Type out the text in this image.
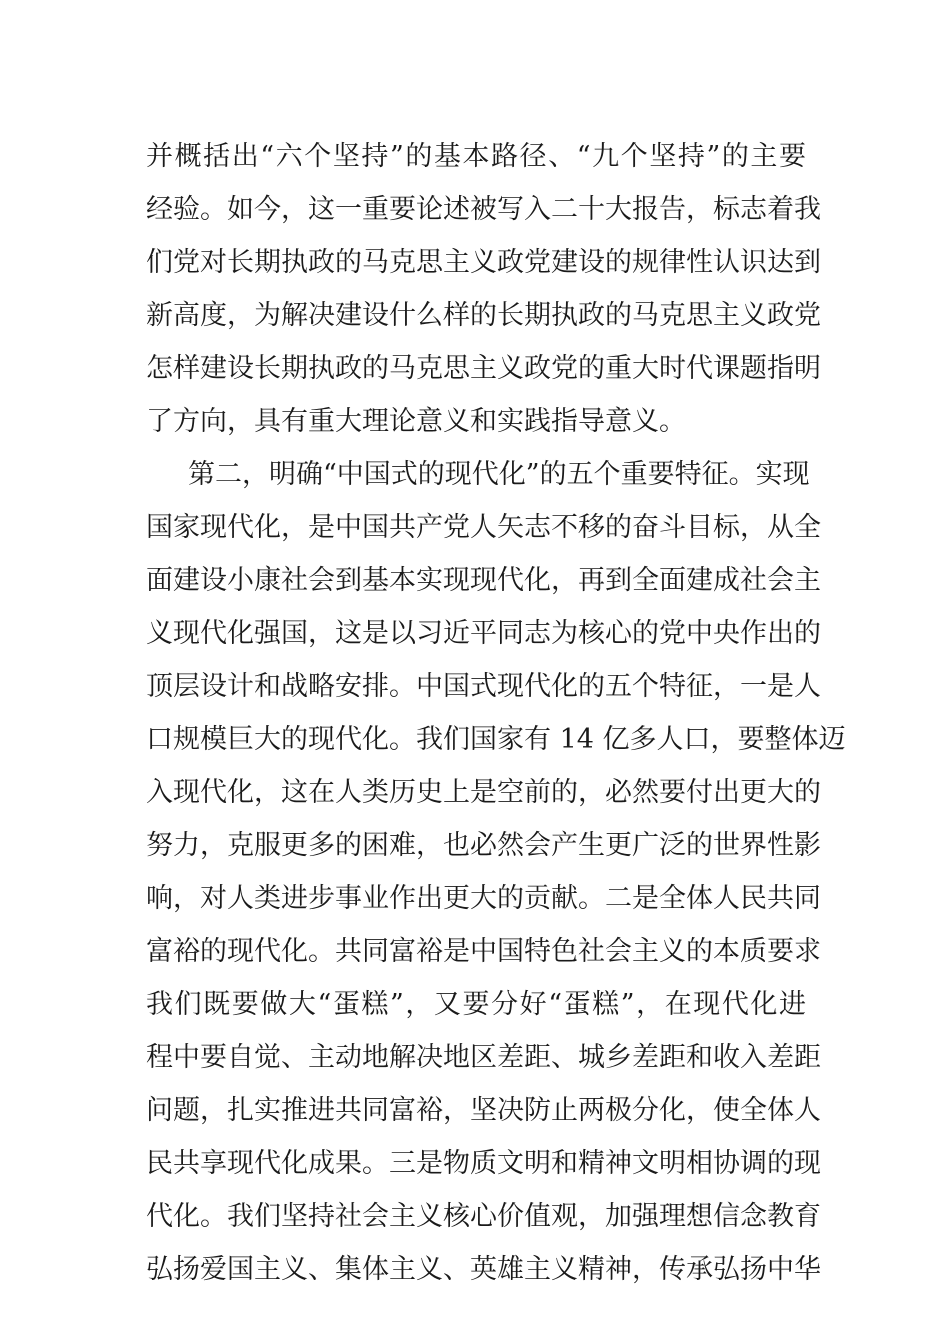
并概括出“六个坚持”的基本路径、“九个坚持”的主要
经验。如今，这一重要论述被写入二十大报告，标志着我
们党对长期执政的马克思主义政党建设的规律性认识达到
新高度，为解决建设什么样的长期执政的马克思主义政党
怎样建设长期执政的马克思主义政党的重大时代课题指明
了方向，具有重大理论意义和实践指导意义。
第二，明确“中国式的现代化”的五个重要特征。实现
国家现代化，是中国共产党人矢志不移的奋斗目标，从全
面建设小康社会到基本实现现代化，再到全面建成社会主
义现代化强国，这是以习近平同志为核心的党中央作出的
顶层设计和战略安排。中国式现代化的五个特征，一是人
口规模巨大的现代化。我们国家有 14 亿多人口，要整体迈
入现代化，这在人类历史上是空前的，必然要付出更大的
努力，克服更多的困难，也必然会产生更广泛的世界性影
响，对人类进步事业作出更大的贡献。二是全体人民共同
富裕的现代化。共同富裕是中国特色社会主义的本质要求
我们既要做大“蛋糕”，又要分好“蛋糕”，在现代化进
程中要自觉、主动地解决地区差距、城乡差距和收入差距
问题，扎实推进共同富裕，坚决防止两极分化，使全体人
民共享现代化成果。三是物质文明和精神文明相协调的现
代化。我们坚持社会主义核心价值观，加强理想信念教育
弘扬爱国主义、集体主义、英雄主义精神，传承弘扬中华
